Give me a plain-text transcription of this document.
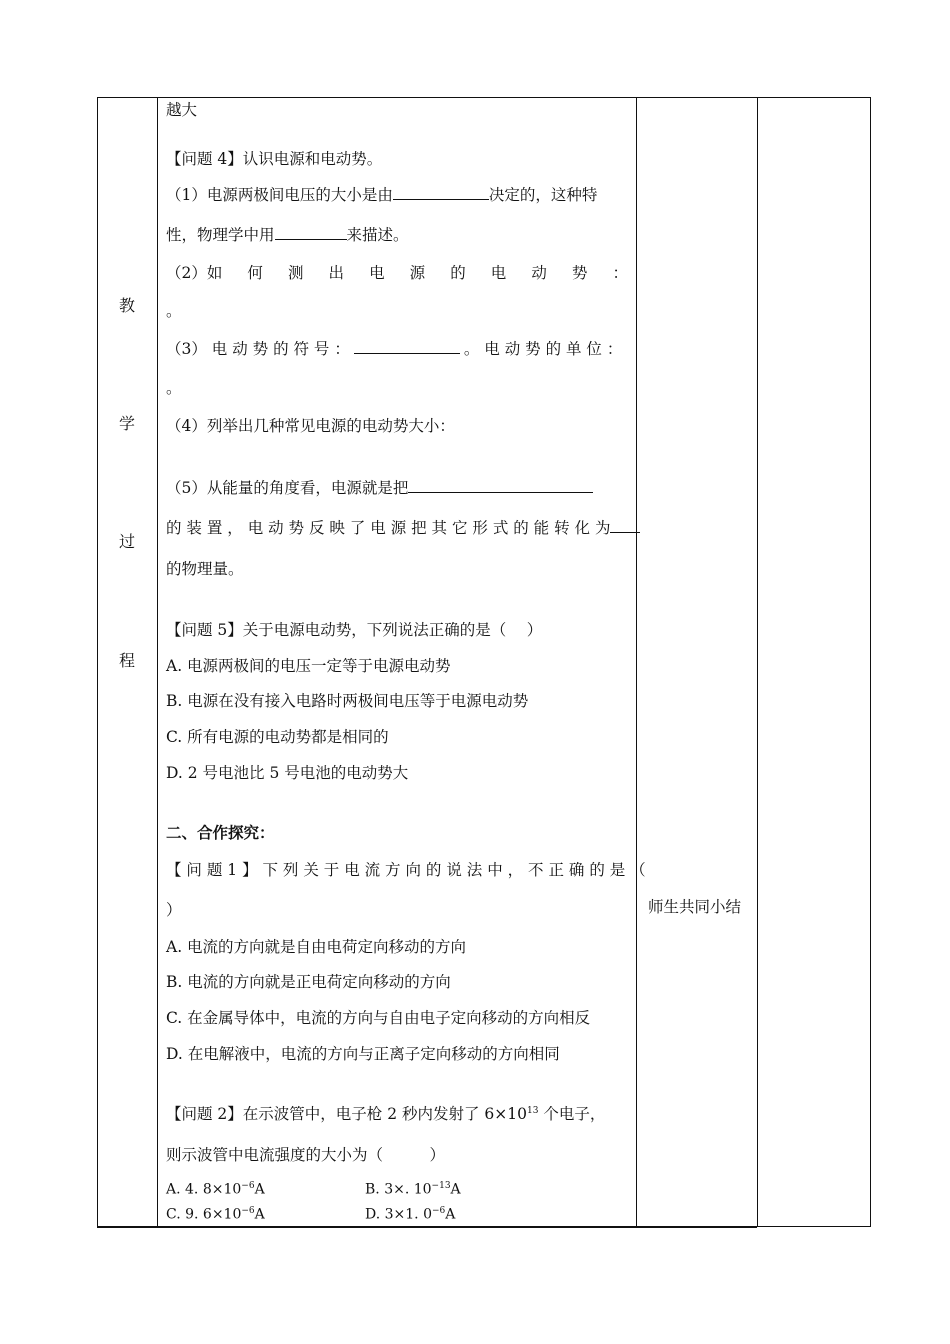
教
学
过
程
师生共同小结
越大
【问题 4】认识电源和电动势。
（1）电源两极间电压的大小是由	决定的，这种特
性，物理学中用	来描述。
（2）如 何 测 出 电 源 的 电 动 势 ：
。
（3） 电 动 势 的 符 号 ：	。 电 动 势 的 单 位 ：
。
（4）列举出几种常见电源的电动势大小：
（5）从能量的角度看，电源就是把
的 装 置 ， 电 动 势 反 映 了 电 源 把 其 它 形 式 的 能 转 化 为
的物理量。
【问题 5】关于电源电动势，下列说法正确的是（　 ）
A. 电源两极间的电压一定等于电源电动势
B. 电源在没有接入电路时两极间电压等于电源电动势
C. 所有电源的电动势都是相同的
D. 2 号电池比 5 号电池的电动势大
二、合作探究：
【 问 题 1 】 下 列 关 于 电 流 方 向 的 说 法 中 ， 不 正 确 的 是 （
）
A. 电流的方向就是自由电荷定向移动的方向
B. 电流的方向就是正电荷定向移动的方向
C. 在金属导体中，电流的方向与自由电子定向移动的方向相反
D. 在电解液中，电流的方向与正离子定向移动的方向相同
【问题 2】在示波管中，电子枪 2 秒内发射了 $6\times 10^{13}$ 个电子，
则示波管中电流强度的大小为（　　　）
A. 4. $8\times 10^{-6}A$	B. 3×. $10^{-13}A$
C. 9. $6\times 10^{-6}A$	D. 3×1. $0^{-6}A$
